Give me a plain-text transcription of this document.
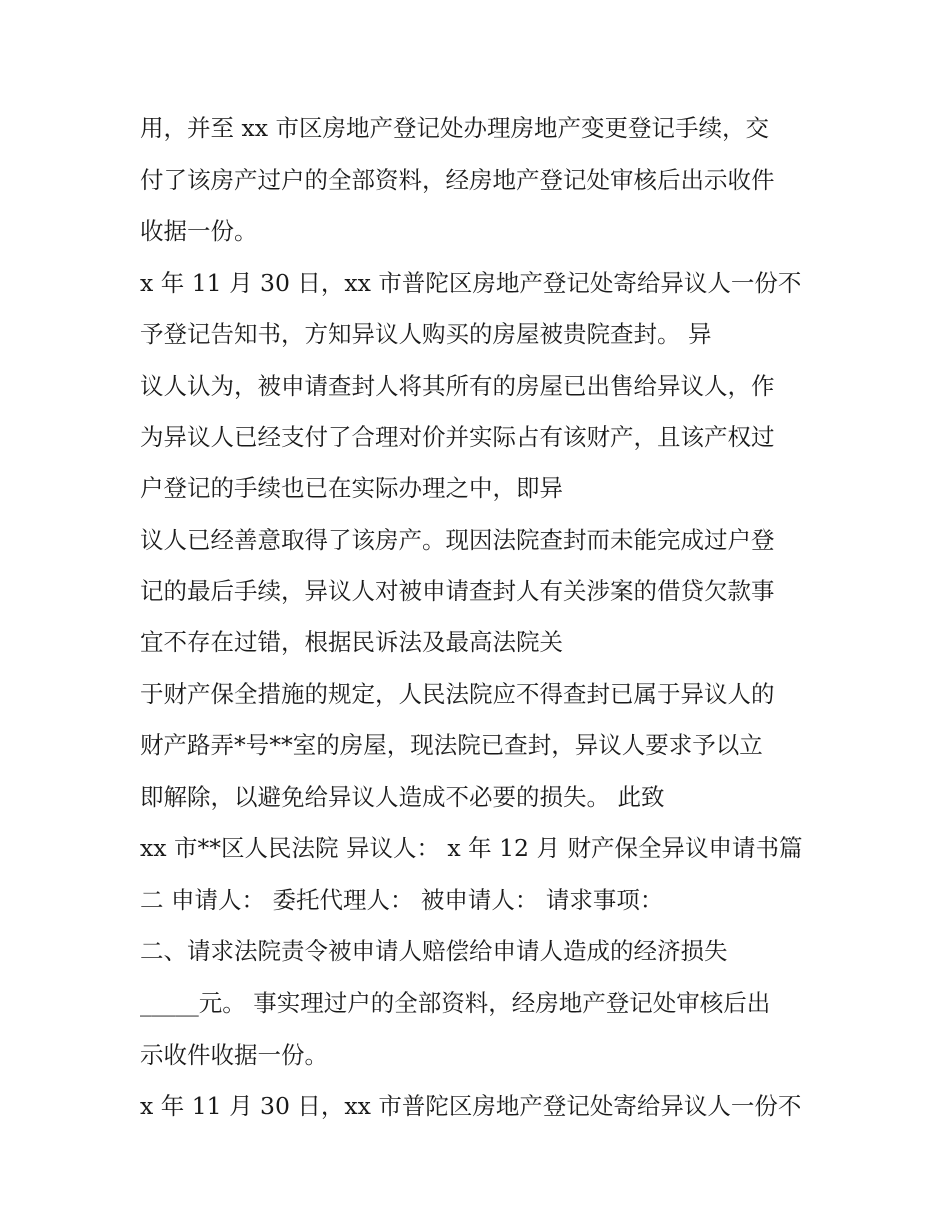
用，并至 xx 市区房地产登记处办理房地产变更登记手续，交
付了该房产过户的全部资料，经房地产登记处审核后出示收件
收据一份。
x 年 11 月 30 日，xx 市普陀区房地产登记处寄给异议人一份不
予登记告知书，方知异议人购买的房屋被贵院查封。 异
议人认为，被申请查封人将其所有的房屋已出售给异议人，作
为异议人已经支付了合理对价并实际占有该财产，且该产权过
户登记的手续也已在实际办理之中，即异
议人已经善意取得了该房产。现因法院查封而未能完成过户登
记的最后手续，异议人对被申请查封人有关涉案的借贷欠款事
宜不存在过错，根据民诉法及最高法院关
于财产保全措施的规定，人民法院应不得查封已属于异议人的
财产路弄*号**室的房屋，现法院已查封，异议人要求予以立
即解除，以避免给异议人造成不必要的损失。 此致
xx 市**区人民法院 异议人： x 年 12 月 财产保全异议申请书篇
二 申请人： 委托代理人： 被申请人： 请求事项：
二、请求法院责令被申请人赔偿给申请人造成的经济损失
_____元。 事实理过户的全部资料，经房地产登记处审核后出
示收件收据一份。
x 年 11 月 30 日，xx 市普陀区房地产登记处寄给异议人一份不
